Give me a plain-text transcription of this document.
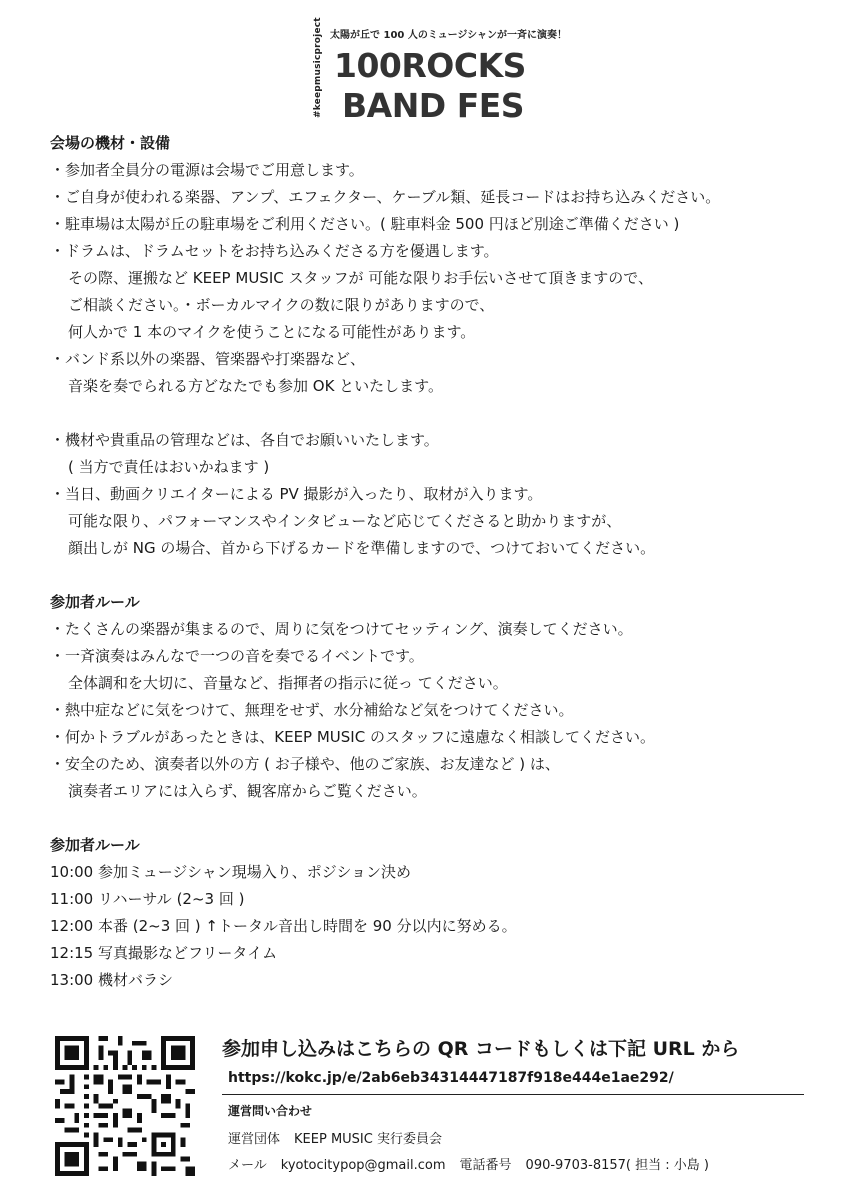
#keepmusicproject 太陽が丘で 100 人のミュージシャンが一斉に演奏！
100ROCKS
BAND FES
会場の機材・設備
・参加者全員分の電源は会場でご用意します。
・ご自身が使われる楽器、アンプ、エフェクター、ケーブル類、延長コードはお持ち込みください。
・駐車場は太陽が丘の駐車場をご利用ください。( 駐車料金 500 円ほど別途ご準備ください )
・ドラムは、ドラムセットをお持ち込みくださる方を優遇します。
その際、運搬など KEEP MUSIC スタッフが 可能な限りお手伝いさせて頂きますので、
ご相談ください。・ボーカルマイクの数に限りがありますので、
何人かで 1 本のマイクを使うことになる可能性があります。
・バンド系以外の楽器、管楽器や打楽器など、
音楽を奏でられる方どなたでも参加 OK といたします。
・機材や貴重品の管理などは、各自でお願いいたします。
( 当方で責任はおいかねます )
・当日、動画クリエイターによる PV 撮影が入ったり、取材が入ります。
可能な限り、パフォーマンスやインタビューなど応じてくださると助かりますが、
顔出しが NG の場合、首から下げるカードを準備しますので、つけておいてください。
参加者ルール
・たくさんの楽器が集まるので、周りに気をつけてセッティング、演奏してください。
・一斉演奏はみんなで一つの音を奏でるイベントです。
全体調和を大切に、音量など、指揮者の指示に従っ てください。
・熱中症などに気をつけて、無理をせず、水分補給など気をつけてください。
・何かトラブルがあったときは、KEEP MUSIC のスタッフに遠慮なく相談してください。
・安全のため、演奏者以外の方 ( お子様や、他のご家族、お友達など ) は、
演奏者エリアには入らず、観客席からご覧ください。
参加者ルール
10:00 参加ミュージシャン現場入り、ポジション決め
11:00 リハーサル (2~3 回 )
12:00 本番 (2~3 回 ) ↑トータル音出し時間を 90 分以内に努める。
12:15 写真撮影などフリータイム
13:00 機材バラシ
参加申し込みはこちらの QR コードもしくは下記 URL から
https://kokc.jp/e/2ab6eb34314447187f918e444e1ae292/
運営問い合わせ
運営団体 KEEP MUSIC 実行委員会
メール kyotocitypop@gmail.com 電話番号 090-9703-8157( 担当 : 小島 )
